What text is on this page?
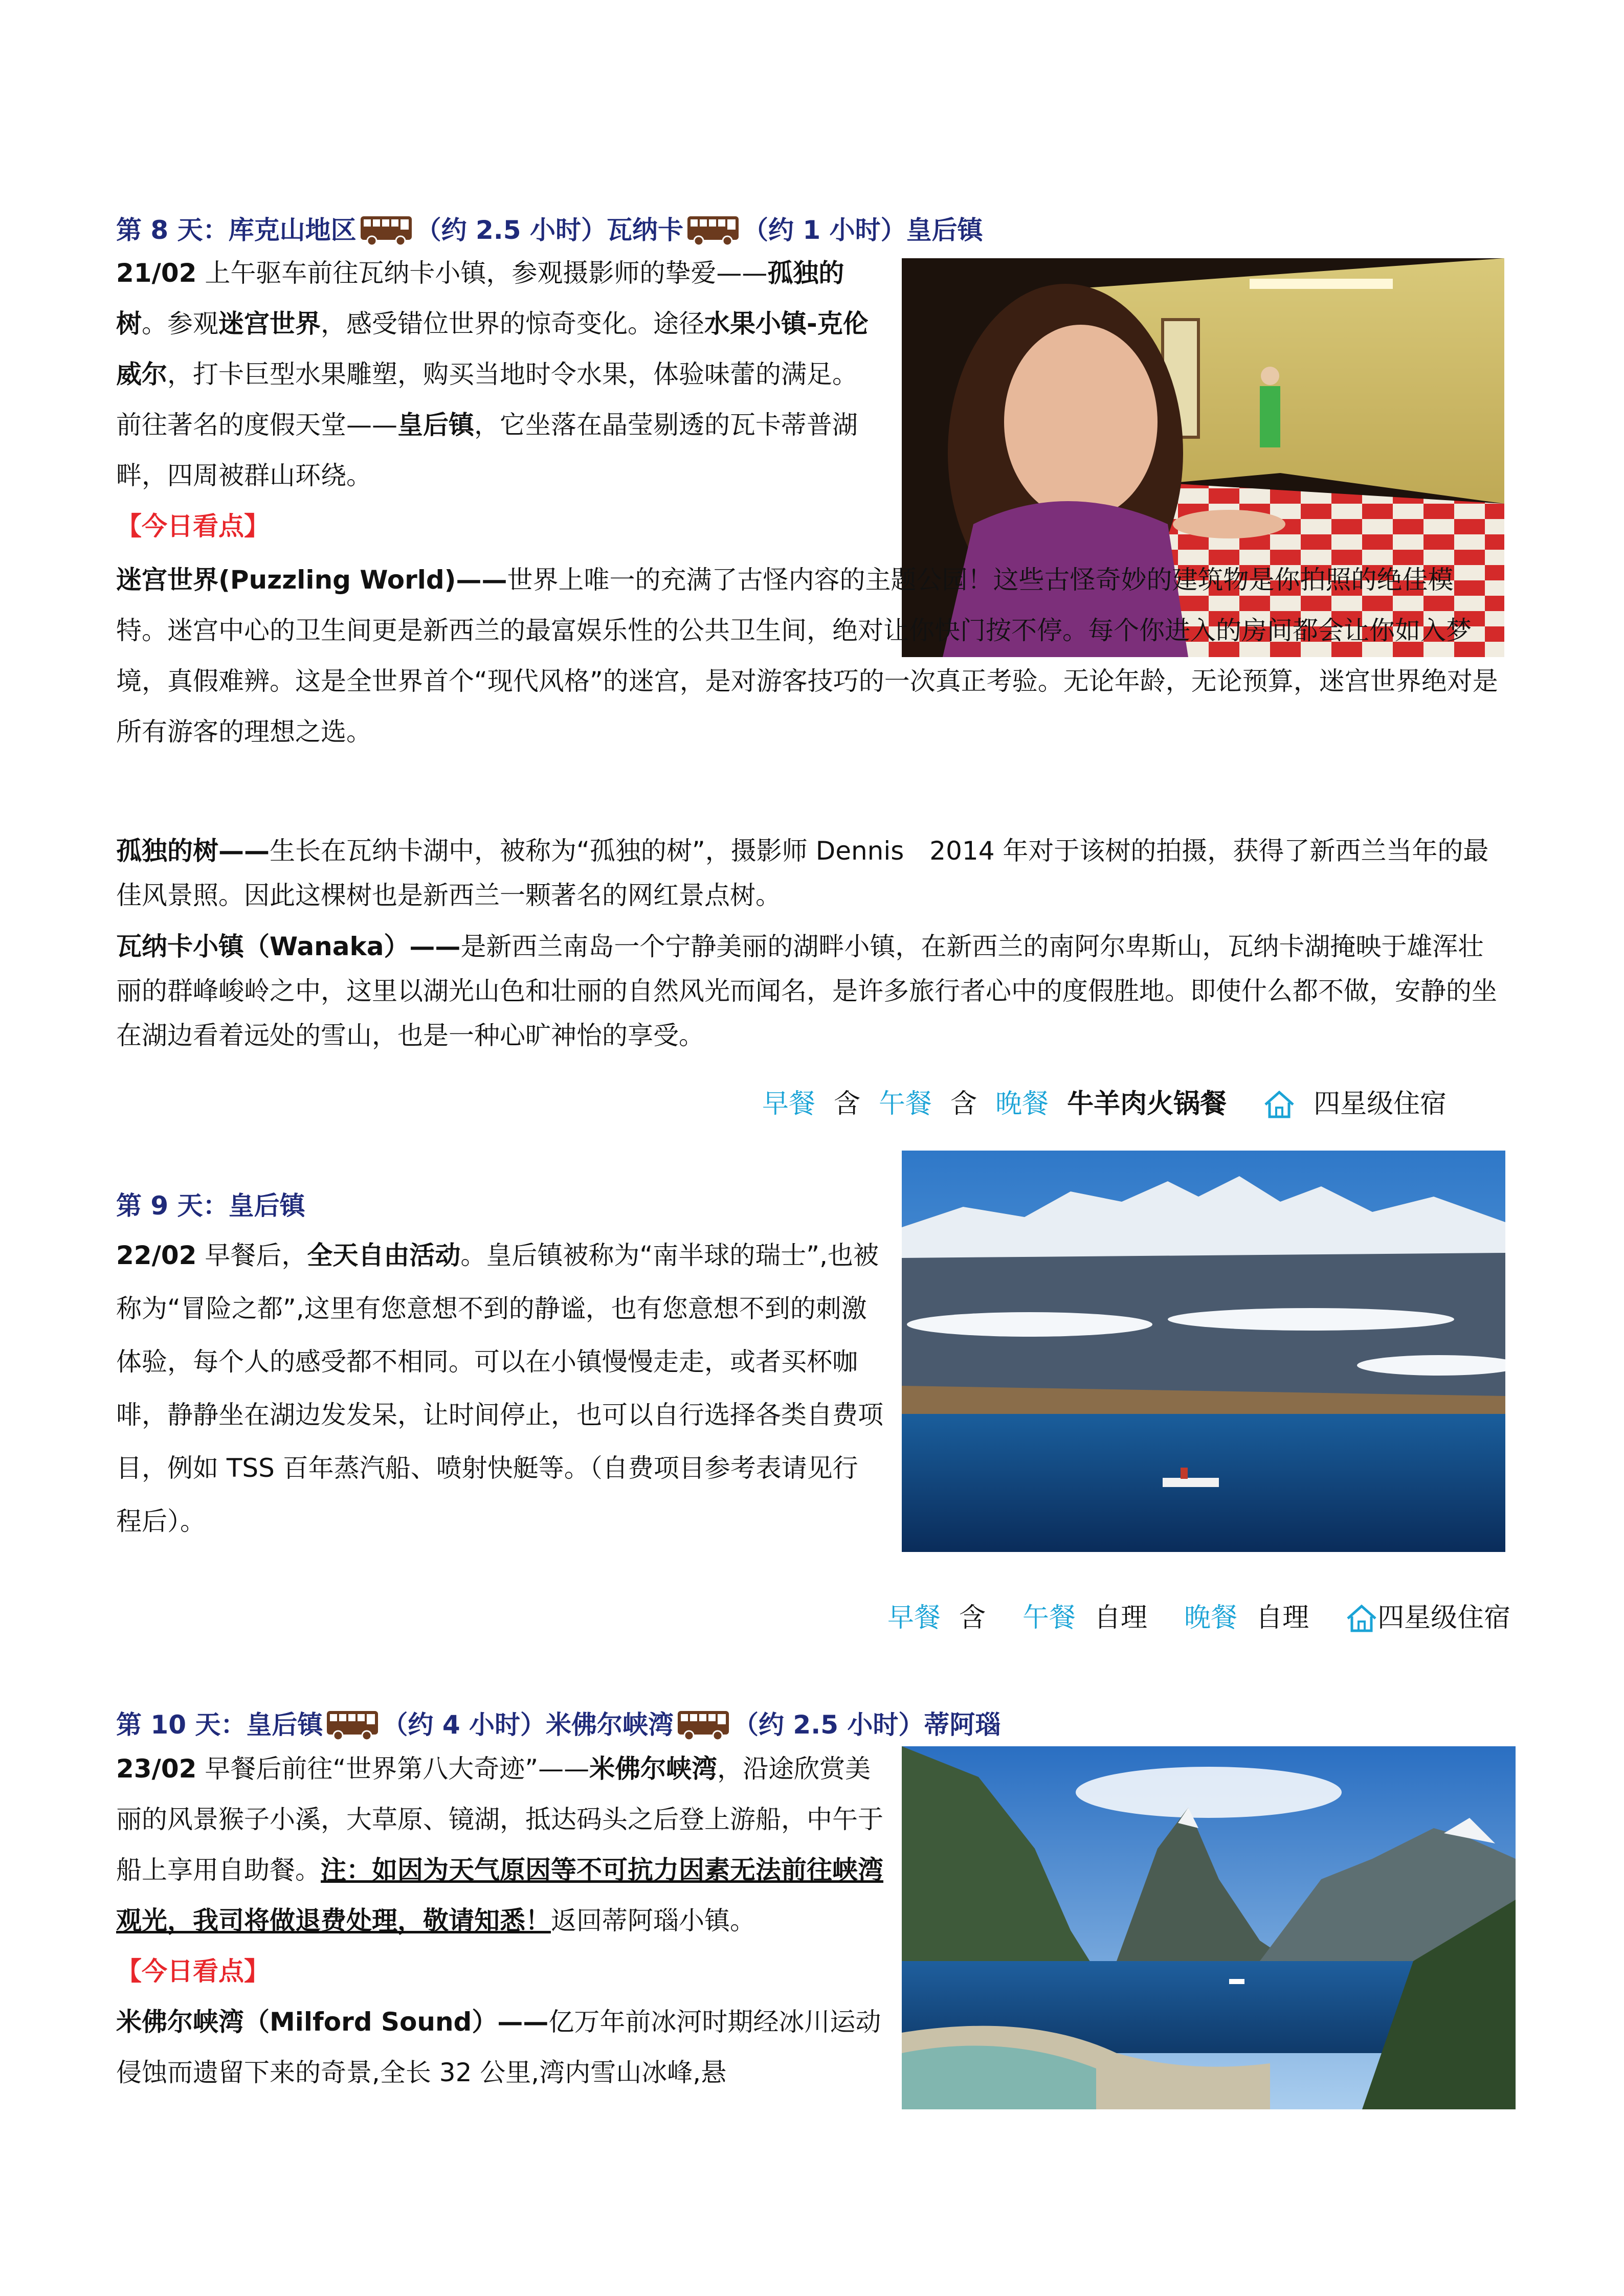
第 8 天：库克山地区 （约 2.5 小时）瓦纳卡 （约 1 小时）皇后镇
21/02 上午驱车前往瓦纳卡小镇，参观摄影师的挚爱——孤独的树。参观迷宫世界，感受错位世界的惊奇变化。途径水果小镇-克伦威尔，打卡巨型水果雕塑，购买当地时令水果，体验味蕾的满足。前往著名的度假天堂——皇后镇，它坐落在晶莹剔透的瓦卡蒂普湖畔，四周被群山环绕。
【今日看点】
迷宫世界(Puzzling World)—— 世界上唯一的充满了古怪内容的主题公园！这些古怪奇妙的建筑物是你拍照的绝佳模特。迷宫中心的卫生间更是新西兰的最富娱乐性的公共卫生间，绝对让你快门按不停。每个你进入的房间都会让你如入梦境，真假难辨。这是全世界首个“现代风格”的迷宫，是对游客技巧的一次真正考验。无论年龄，无论预算，迷宫世界绝对是所有游客的理想之选。
孤独的树——生长在瓦纳卡湖中，被称为“孤独的树”，摄影师 Dennis　2014 年对于该树的拍摄，获得了新西兰当年的最佳风景照。因此这棵树也是新西兰一颗著名的网红景点树。
瓦纳卡小镇（Wanaka）——是新西兰南岛一个宁静美丽的湖畔小镇，在新西兰的南阿尔卑斯山，瓦纳卡湖掩映于雄浑壮丽的群峰峻岭之中，这里以湖光山色和壮丽的自然风光而闻名，是许多旅行者心中的度假胜地。即使什么都不做，安静的坐在湖边看着远处的雪山，也是一种心旷神怡的享受。
早餐 含 午餐 含 晚餐 牛羊肉火锅餐	四星级住宿
第 9 天：皇后镇
22/02 早餐后，全天自由活动。皇后镇被称为“南半球的瑞士”,也被称为“冒险之都”,这里有您意想不到的静谧，也有您意想不到的刺激体验，每个人的感受都不相同。可以在小镇慢慢走走，或者买杯咖啡，静静坐在湖边发发呆，让时间停止，也可以自行选择各类自费项目，例如 TSS 百年蒸汽船、喷射快艇等。（自费项目参考表请见行程后）。
早餐 含 午餐 自理 晚餐 自理	四星级住宿
第 10 天：皇后镇 （约 4 小时）米佛尔峡湾 （约 2.5 小时）蒂阿瑙
23/02 早餐后前往“世界第八大奇迹”——米佛尔峡湾，沿途欣赏美丽的风景猴子小溪，大草原、镜湖，抵达码头之后登上游船，中午于船上享用自助餐。注：如因为天气原因等不可抗力因素无法前往峡湾观光，我司将做退费处理，敬请知悉！返回蒂阿瑙小镇。
【今日看点】
米佛尔峡湾（Milford Sound）——亿万年前冰河时期经冰川运动侵蚀而遗留下来的奇景,全长 32 公里,湾内雪山冰峰,悬
